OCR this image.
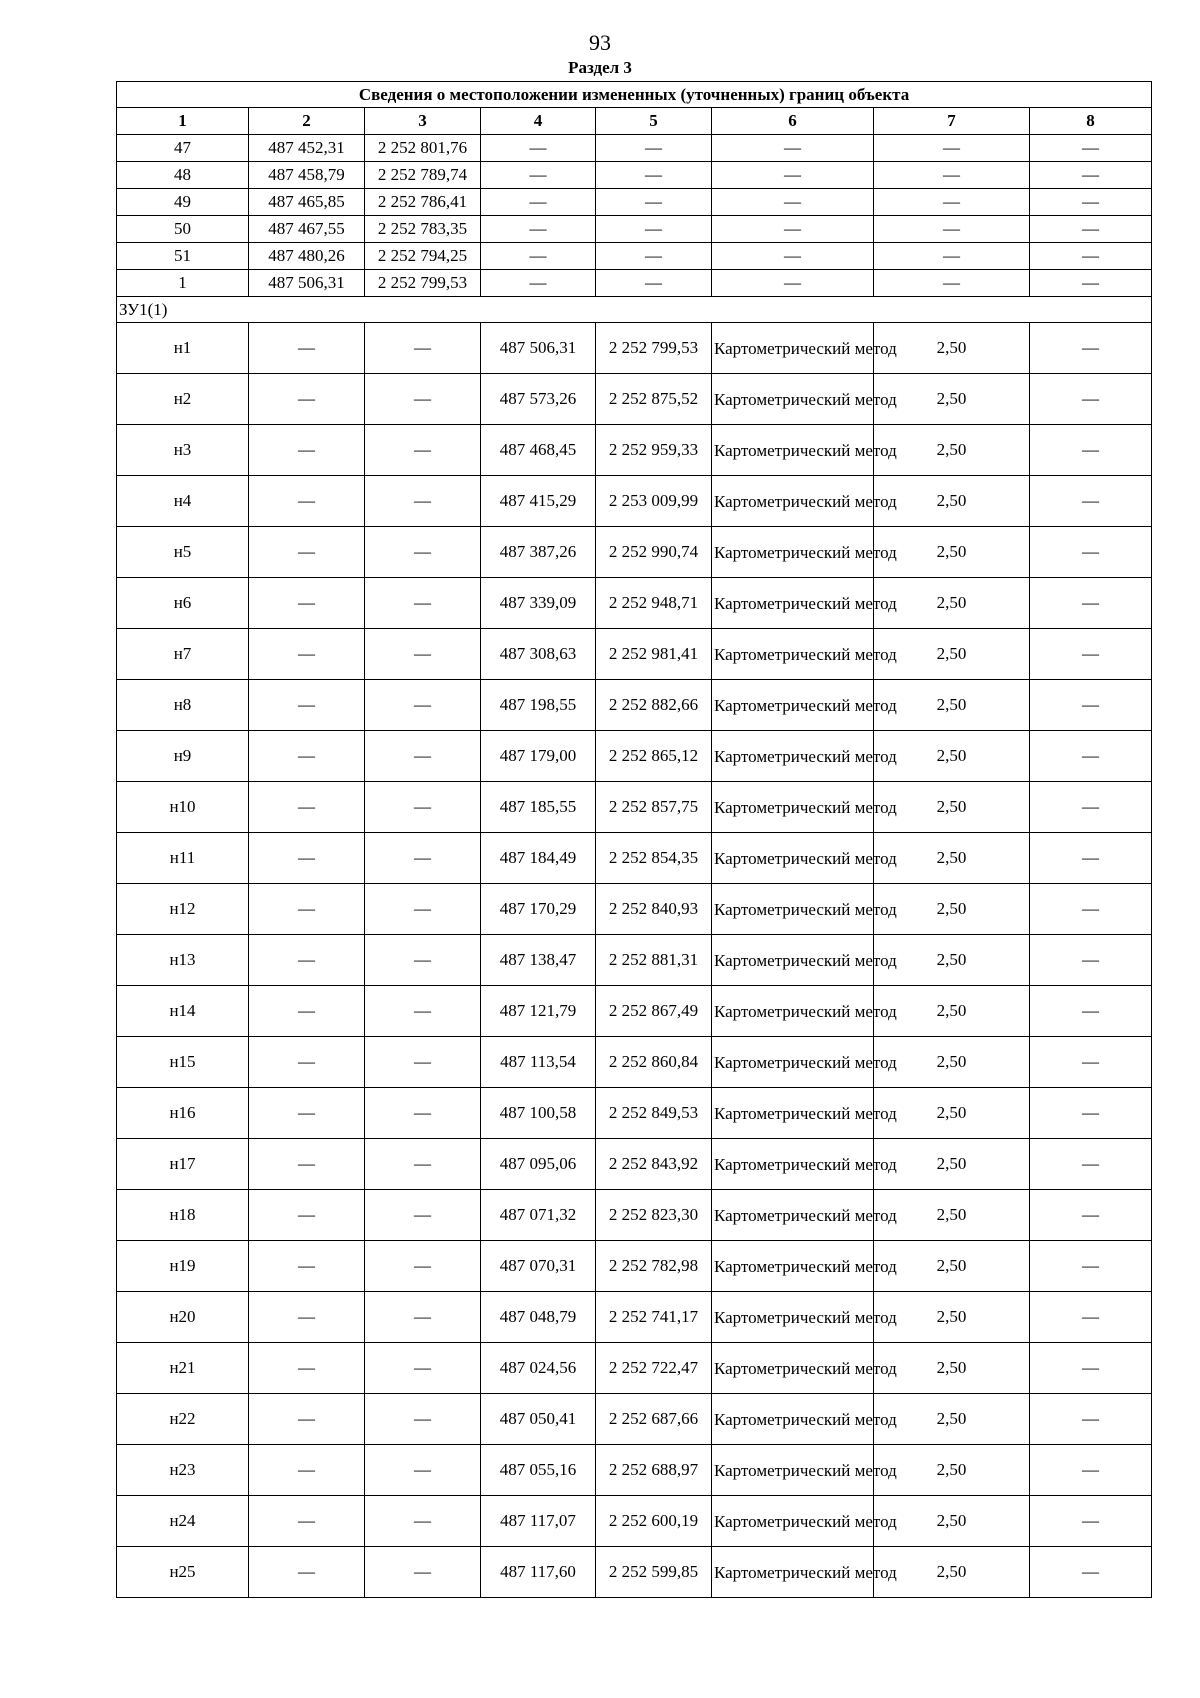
93
Раздел 3
Сведения о местоположении измененных (уточненных) границ объекта							
1	2	3	4	5	6	7	8
47	487 452,31	2 252 801,76	—	—	—	—	—
48	487 458,79	2 252 789,74	—	—	—	—	—
49	487 465,85	2 252 786,41	—	—	—	—	—
50	487 467,55	2 252 783,35	—	—	—	—	—
51	487 480,26	2 252 794,25	—	—	—	—	—
1	487 506,31	2 252 799,53	—	—	—	—	—
ЗУ1(1)							
н1	—	—	487 506,31	2 252 799,53	Картометрический метод	2,50	—
н2	—	—	487 573,26	2 252 875,52	Картометрический метод	2,50	—
н3	—	—	487 468,45	2 252 959,33	Картометрический метод	2,50	—
н4	—	—	487 415,29	2 253 009,99	Картометрический метод	2,50	—
н5	—	—	487 387,26	2 252 990,74	Картометрический метод	2,50	—
н6	—	—	487 339,09	2 252 948,71	Картометрический метод	2,50	—
н7	—	—	487 308,63	2 252 981,41	Картометрический метод	2,50	—
н8	—	—	487 198,55	2 252 882,66	Картометрический метод	2,50	—
н9	—	—	487 179,00	2 252 865,12	Картометрический метод	2,50	—
н10	—	—	487 185,55	2 252 857,75	Картометрический метод	2,50	—
н11	—	—	487 184,49	2 252 854,35	Картометрический метод	2,50	—
н12	—	—	487 170,29	2 252 840,93	Картометрический метод	2,50	—
н13	—	—	487 138,47	2 252 881,31	Картометрический метод	2,50	—
н14	—	—	487 121,79	2 252 867,49	Картометрический метод	2,50	—
н15	—	—	487 113,54	2 252 860,84	Картометрический метод	2,50	—
н16	—	—	487 100,58	2 252 849,53	Картометрический метод	2,50	—
н17	—	—	487 095,06	2 252 843,92	Картометрический метод	2,50	—
н18	—	—	487 071,32	2 252 823,30	Картометрический метод	2,50	—
н19	—	—	487 070,31	2 252 782,98	Картометрический метод	2,50	—
н20	—	—	487 048,79	2 252 741,17	Картометрический метод	2,50	—
н21	—	—	487 024,56	2 252 722,47	Картометрический метод	2,50	—
н22	—	—	487 050,41	2 252 687,66	Картометрический метод	2,50	—
н23	—	—	487 055,16	2 252 688,97	Картометрический метод	2,50	—
н24	—	—	487 117,07	2 252 600,19	Картометрический метод	2,50	—
н25	—	—	487 117,60	2 252 599,85	Картометрический метод	2,50	—
